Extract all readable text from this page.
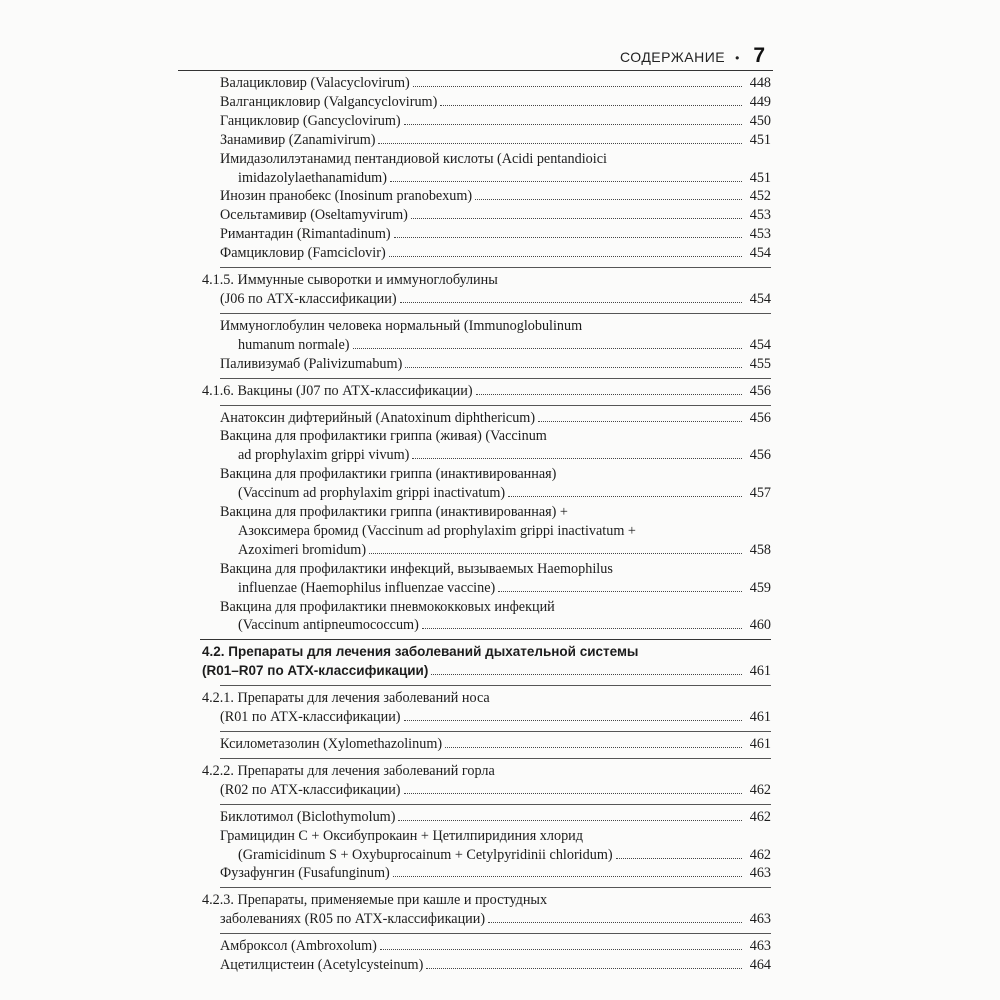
СОДЕРЖАНИЕ • 7
Валацикловир (Valacyclovirum)	448
Валганцикловир (Valgancyclovirum)	449
Ганцикловир (Gancyclovirum)	450
Занамивир (Zanamivirum)	451
Имидазолилэтанамид пентандиовой кислоты (Acidi pentandioici
imidazolylaethanamidum)	451
Инозин пранобекс (Inosinum pranobexum)	452
Осельтамивир (Oseltamyvirum)	453
Римантадин (Rimantadinum)	453
Фамцикловир (Famciclovir)	454
4.1.5. Иммунные сыворотки и иммуноглобулины
(J06 по АТХ-классификации)	454
Иммуноглобулин человека нормальный (Immunoglobulinum
humanum normale)	454
Паливизумаб (Palivizumabum)	455
4.1.6. Вакцины (J07 по АТХ-классификации)	456
Анатоксин дифтерийный (Anatoxinum diphthericum)	456
Вакцина для профилактики гриппа (живая) (Vaccinum
ad prophylaxim grippi vivum)	456
Вакцина для профилактики гриппа (инактивированная)
(Vaccinum ad prophylaxim grippi inactivatum)	457
Вакцина для профилактики гриппа (инактивированная) +
Азоксимера бромид (Vaccinum ad prophylaxim grippi inactivatum +
Azoximeri bromidum)	458
Вакцина для профилактики инфекций, вызываемых Haemophilus
influenzae (Haemophilus influenzae vaccine)	459
Вакцина для профилактики пневмококковых инфекций
(Vaccinum antipneumococcum)	460
4.2. Препараты для лечения заболеваний дыхательной системы
(R01–R07 по АТХ-классификации)	461
4.2.1. Препараты для лечения заболеваний носа
(R01 по АТХ-классификации)	461
Ксилометазолин (Xylomethazolinum)	461
4.2.2. Препараты для лечения заболеваний горла
(R02 по АТХ-классификации)	462
Биклотимол (Biclothymolum)	462
Грамицидин С + Оксибупрокаин + Цетилпиридиния хлорид
(Gramicidinum S + Oxybuprocainum + Cetylpyridinii chloridum)	462
Фузафунгин (Fusafunginum)	463
4.2.3. Препараты, применяемые при кашле и простудных
заболеваниях (R05 по АТХ-классификации)	463
Амброксол (Ambroxolum)	463
Ацетилцистеин (Acetylcysteinum)	464
